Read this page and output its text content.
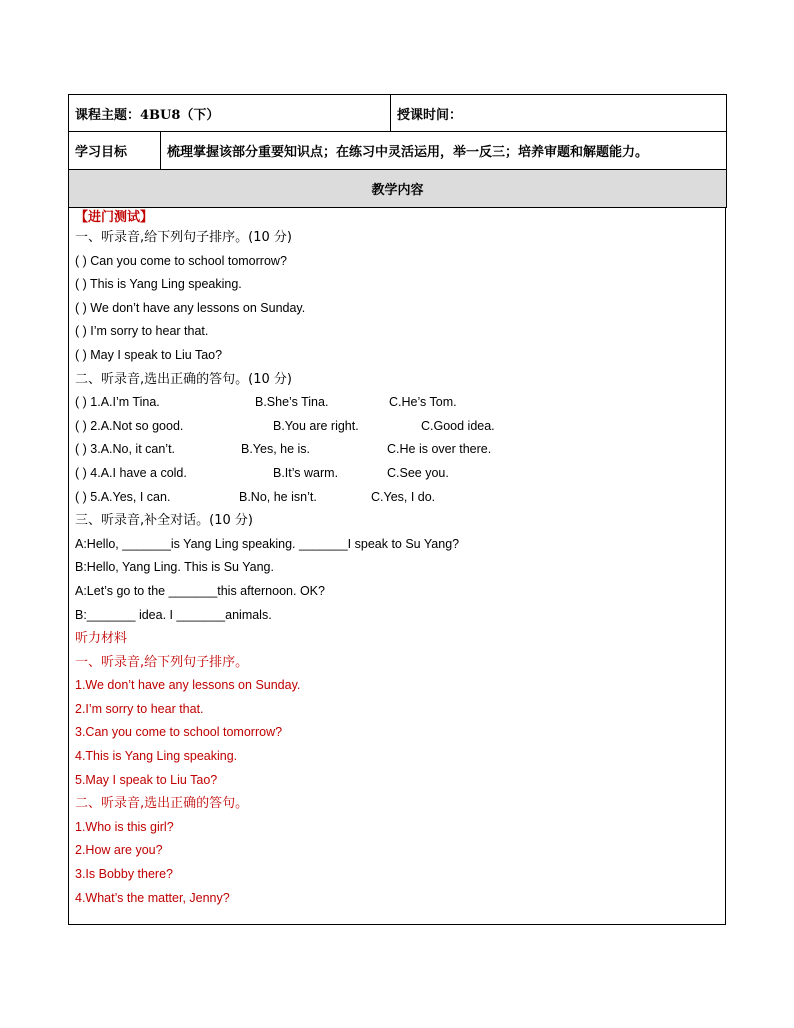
课程主题：4BU8（下）		授课时间：
学习目标	梳理掌握该部分重要知识点；在练习中灵活运用，举一反三；培养审题和解题能力。	
教学内容		
【进门测试】
一、听录音,给下列句子排序。(10 分)
( ) Can you come to school tomorrow?
( ) This is Yang Ling speaking.
( ) We don’t have any lessons on Sunday.
( ) I’m sorry to hear that.
( ) May I speak to Liu Tao?
二、听录音,选出正确的答句。(10 分)
( ) 1.A.I’m Tina.	B.She’s Tina.	C.He’s Tom.
( ) 2.A.Not so good.	B.You are right.	C.Good idea.
( ) 3.A.No, it can’t.	B.Yes, he is.	C.He is over there.
( ) 4.A.I have a cold.	B.It’s warm.	C.See you.
( ) 5.A.Yes, I can.	B.No, he isn’t.	C.Yes, I do.
三、听录音,补全对话。(10 分)
A:Hello, _______is Yang Ling speaking. _______I speak to Su Yang?
B:Hello, Yang Ling. This is Su Yang.
A:Let’s go to the _______this afternoon. OK?
B:_______ idea. I _______animals.
听力材料
一、听录音,给下列句子排序。
1.We don’t have any lessons on Sunday.
2.I’m sorry to hear that.
3.Can you come to school tomorrow?
4.This is Yang Ling speaking.
5.May I speak to Liu Tao?
二、听录音,选出正确的答句。
1.Who is this girl?
2.How are you?
3.Is Bobby there?
4.What’s the matter, Jenny?
